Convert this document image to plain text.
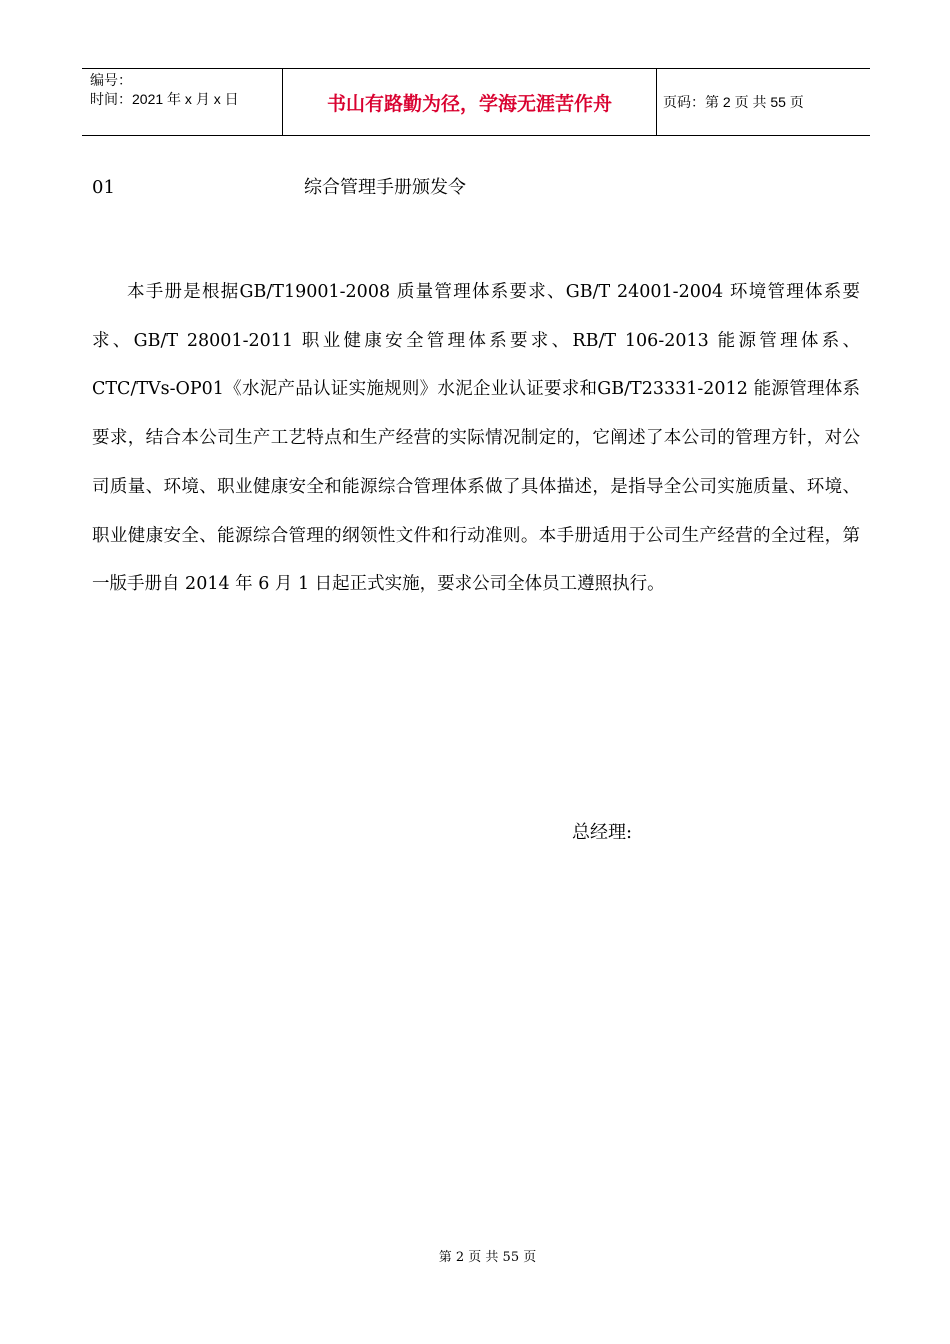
编号：
时间：2021 年 x 月 x 日	书山有路勤为径，学海无涯苦作舟	页码：第 2 页 共 55 页
01	综合管理手册颁发令

本手册是根据GB/T19001-2008 质量管理体系要求、GB/T 24001-2004 环境管理体系要求、GB/T 28001-2011 职业健康安全管理体系要求、RB/T 106-2013 能源管理体系、CTC/TVs-OP01《水泥产品认证实施规则》水泥企业认证要求和GB/T23331-2012 能源管理体系要求，结合本公司生产工艺特点和生产经营的实际情况制定的，它阐述了本公司的管理方针，对公司质量、环境、职业健康安全和能源综合管理体系做了具体描述，是指导全公司实施质量、环境、职业健康安全、能源综合管理的纲领性文件和行动准则。本手册适用于公司生产经营的全过程，第一版手册自 2014 年 6 月 1 日起正式实施，要求公司全体员工遵照执行。

总经理:
第 2 页 共 55 页
